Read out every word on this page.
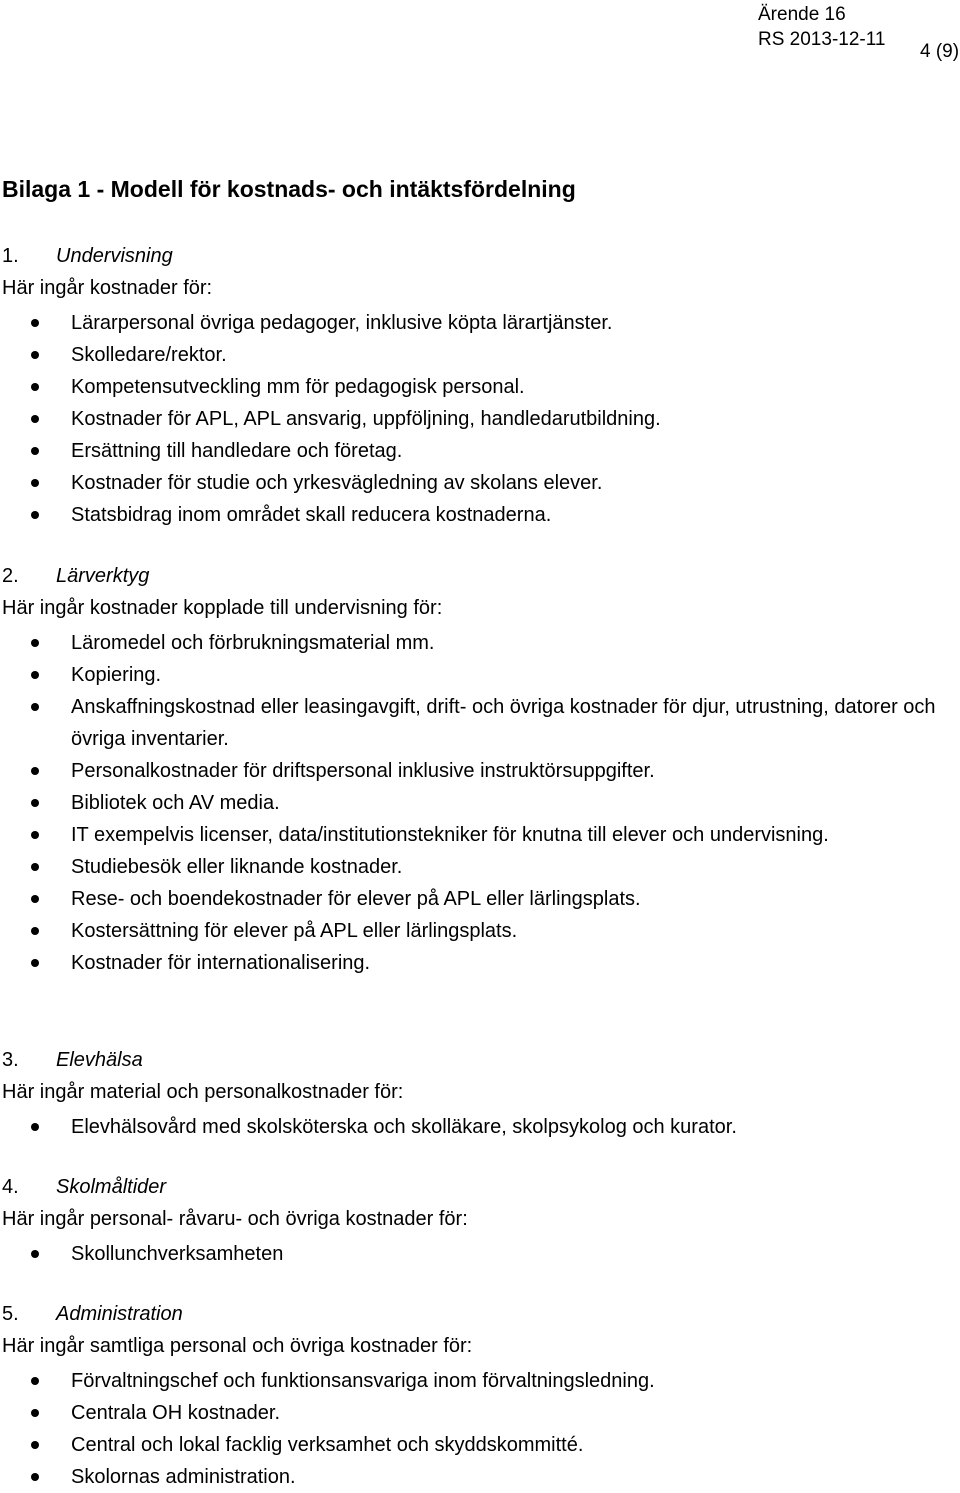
Ärende 16
RS 2013-12-11
4 (9)
Bilaga 1 - Modell för kostnads- och intäktsfördelning
1. Undervisning
Här ingår kostnader för:
Lärarpersonal övriga pedagoger, inklusive köpta lärartjänster.
Skolledare/rektor.
Kompetensutveckling mm för pedagogisk personal.
Kostnader för APL, APL ansvarig, uppföljning, handledarutbildning.
Ersättning till handledare och företag.
Kostnader för studie och yrkesvägledning av skolans elever.
Statsbidrag inom området skall reducera kostnaderna.
2. Lärverktyg
Här ingår kostnader kopplade till undervisning för:
Läromedel och förbrukningsmaterial mm.
Kopiering.
Anskaffningskostnad eller leasingavgift, drift- och övriga kostnader för djur, utrustning, datorer och övriga inventarier.
Personalkostnader för driftspersonal inklusive instruktörsuppgifter.
Bibliotek och AV media.
IT exempelvis licenser, data/institutionstekniker för knutna till elever och undervisning.
Studiebesök eller liknande kostnader.
Rese- och boendekostnader för elever på APL eller lärlingsplats.
Kostersättning för elever på APL eller lärlingsplats.
Kostnader för internationalisering.
3. Elevhälsa
Här ingår material och personalkostnader för:
Elevhälsovård med skolsköterska och skolläkare, skolpsykolog och kurator.
4. Skolmåltider
Här ingår personal- råvaru- och övriga kostnader för:
Skollunchverksamheten
5. Administration
Här ingår samtliga personal och övriga kostnader för:
Förvaltningschef och funktionsansvariga inom förvaltningsledning.
Centrala OH kostnader.
Central och lokal facklig verksamhet och skyddskommitté.
Skolornas administration.
